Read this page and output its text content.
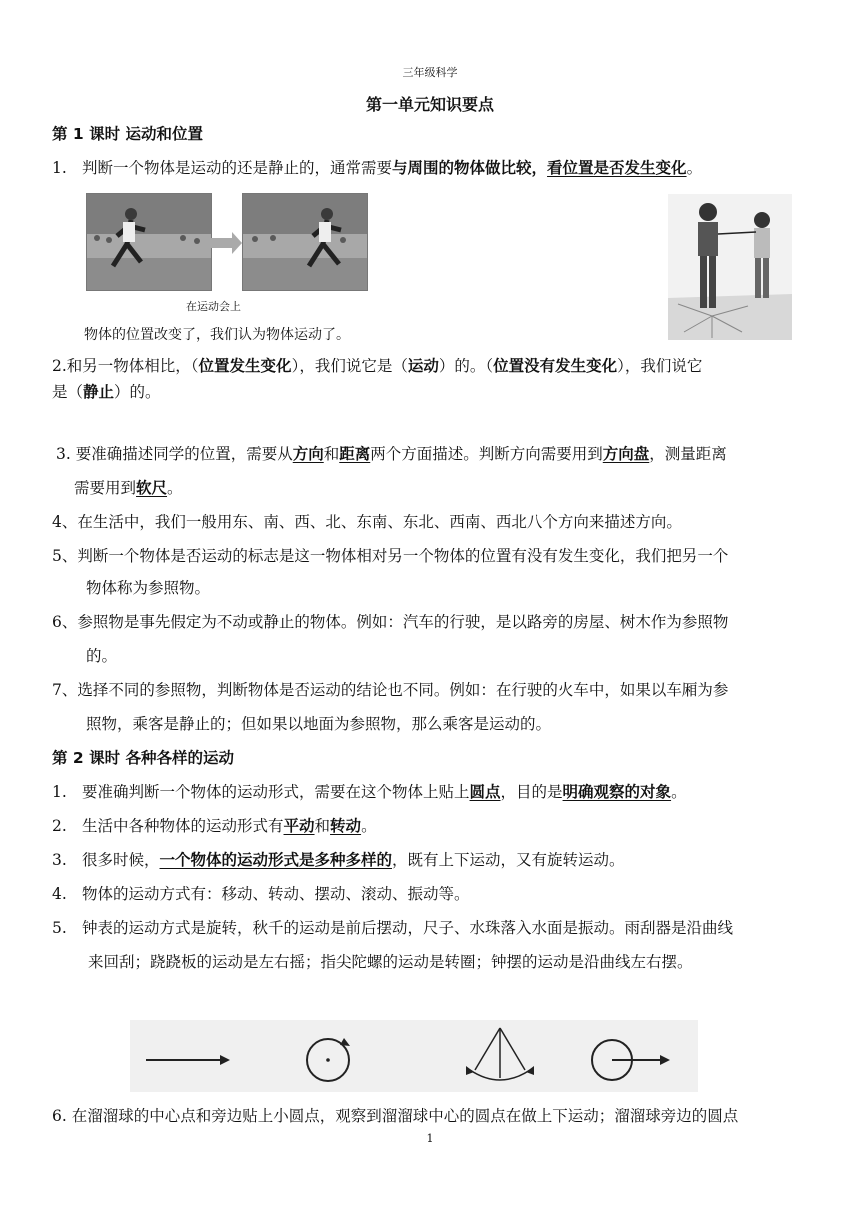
三年级科学
第一单元知识要点
第 1 课时 运动和位置
1. 判断一个物体是运动的还是静止的，通常需要与周围的物体做比较，看位置是否发生变化。
在运动会上
物体的位置改变了，我们认为物体运动了。
2.和另一物体相比，（位置发生变化），我们说它是（运动）的。（位置没有发生变化），我们说它
是（静止）的。
3. 要准确描述同学的位置，需要从方向和距离两个方面描述。判断方向需要用到方向盘，测量距离
需要用到软尺。
4、在生活中，我们一般用东、南、西、北、东南、东北、西南、西北八个方向来描述方向。
5、判断一个物体是否运动的标志是这一物体相对另一个物体的位置有没有发生变化，我们把另一个
物体称为参照物。
6、参照物是事先假定为不动或静止的物体。例如：汽车的行驶，是以路旁的房屋、树木作为参照物
的。
7、选择不同的参照物，判断物体是否运动的结论也不同。例如：在行驶的火车中，如果以车厢为参
照物，乘客是静止的；但如果以地面为参照物，那么乘客是运动的。
第 2 课时 各种各样的运动
1. 要准确判断一个物体的运动形式，需要在这个物体上贴上圆点，目的是明确观察的对象。
2. 生活中各种物体的运动形式有平动和转动。
3. 很多时候，一个物体的运动形式是多种多样的，既有上下运动，又有旋转运动。
4. 物体的运动方式有：移动、转动、摆动、滚动、振动等。
5. 钟表的运动方式是旋转，秋千的运动是前后摆动，尺子、水珠落入水面是振动。雨刮器是沿曲线
来回刮；跷跷板的运动是左右摇；指尖陀螺的运动是转圈；钟摆的运动是沿曲线左右摆。
6. 在溜溜球的中心点和旁边贴上小圆点，观察到溜溜球中心的圆点在做上下运动；溜溜球旁边的圆点
1
